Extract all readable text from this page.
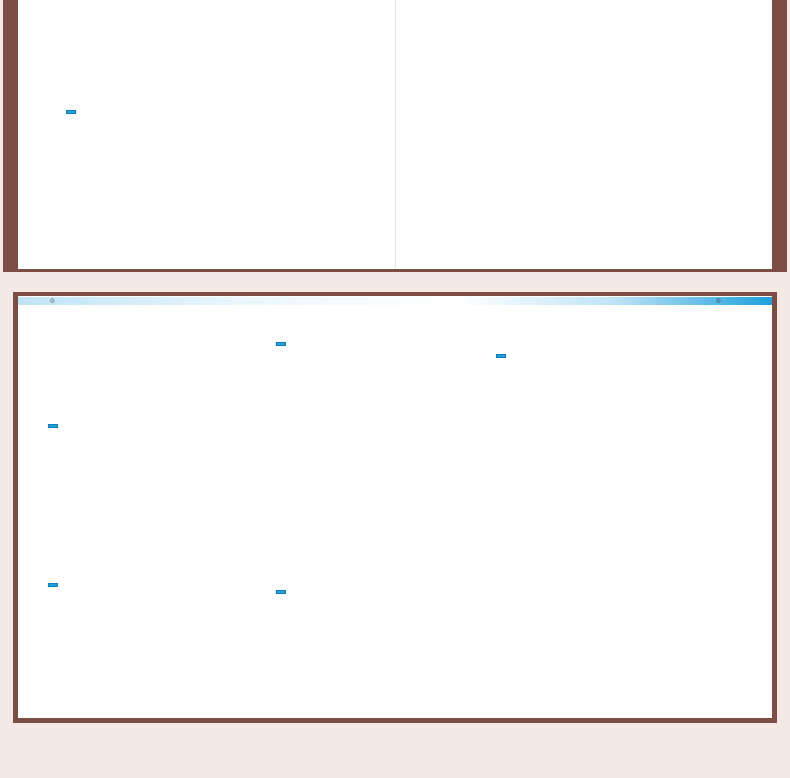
◎	◎
